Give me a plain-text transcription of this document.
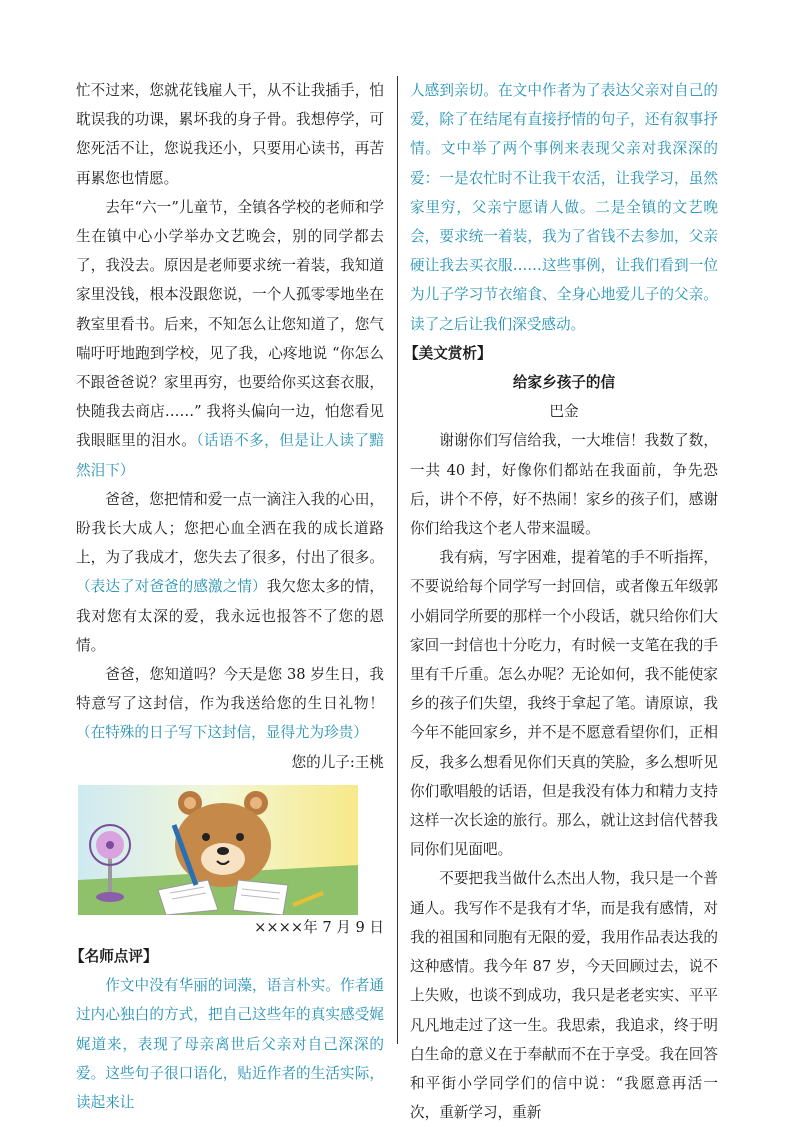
忙不过来，您就花钱雇人干，从不让我插手，怕耽误我的功课，累坏我的身子骨。我想停学，可您死活不让，您说我还小，只要用心读书，再苦再累您也情愿。

去年“六一”儿童节，全镇各学校的老师和学生在镇中心小学举办文艺晚会，别的同学都去了，我没去。原因是老师要求统一着装，我知道家里没钱，根本没跟您说，一个人孤零零地坐在教室里看书。后来，不知怎么让您知道了，您气喘吁吁地跑到学校，见了我，心疼地说 “你怎么不跟爸爸说？家里再穷，也要给你买这套衣服，快随我去商店……” 我将头偏向一边，怕您看见我眼眶里的泪水。（话语不多，但是让人读了黯然泪下）

爸爸，您把情和爱一点一滴注入我的心田，盼我长大成人；您把心血全洒在我的成长道路上，为了我成才，您失去了很多，付出了很多。（表达了对爸爸的感激之情）我欠您太多的情，我对您有太深的爱，我永远也报答不了您的恩情。

爸爸，您知道吗？今天是您 38 岁生日，我特意写了这封信，作为我送给您的生日礼物！（在特殊的日子写下这封信，显得尤为珍贵）

您的儿子:王桃

××××年 7 月 9 日

【名师点评】

作文中没有华丽的词藻，语言朴实。作者通过内心独白的方式，把自己这些年的真实感受娓娓道来，表现了母亲离世后父亲对自己深深的爱。这些句子很口语化，贴近作者的生活实际，读起来让

人感到亲切。在文中作者为了表达父亲对自己的爱，除了在结尾有直接抒情的句子，还有叙事抒情。文中举了两个事例来表现父亲对我深深的爱：一是农忙时不让我干农活，让我学习，虽然家里穷，父亲宁愿请人做。二是全镇的文艺晚会，要求统一着装，我为了省钱不去参加，父亲硬让我去买衣服……这些事例，让我们看到一位为儿子学习节衣缩食、全身心地爱儿子的父亲。读了之后让我们深受感动。

【美文赏析】

给家乡孩子的信

巴金

谢谢你们写信给我，一大堆信！我数了数，一共 40 封，好像你们都站在我面前，争先恐后，讲个不停，好不热闹！家乡的孩子们，感谢你们给我这个老人带来温暖。

我有病，写字困难，提着笔的手不听指挥，不要说给每个同学写一封回信，或者像五年级郭小娟同学所要的那样一个小段话，就只给你们大家回一封信也十分吃力，有时候一支笔在我的手里有千斤重。怎么办呢？无论如何，我不能使家乡的孩子们失望，我终于拿起了笔。请原谅，我今年不能回家乡，并不是不愿意看望你们，正相反，我多么想看见你们天真的笑脸，多么想听见你们歌唱般的话语，但是我没有体力和精力支持这样一次长途的旅行。那么，就让这封信代替我同你们见面吧。

不要把我当做什么杰出人物，我只是一个普通人。我写作不是我有才华，而是我有感情，对我的祖国和同胞有无限的爱，我用作品表达我的这种感情。我今年 87 岁，今天回顾过去，说不上失败，也谈不到成功，我只是老老实实、平平凡凡地走过了这一生。我思索，我追求，终于明白生命的意义在于奉献而不在于享受。我在回答和平街小学同学们的信中说：“我愿意再活一次，重新学习，重新
